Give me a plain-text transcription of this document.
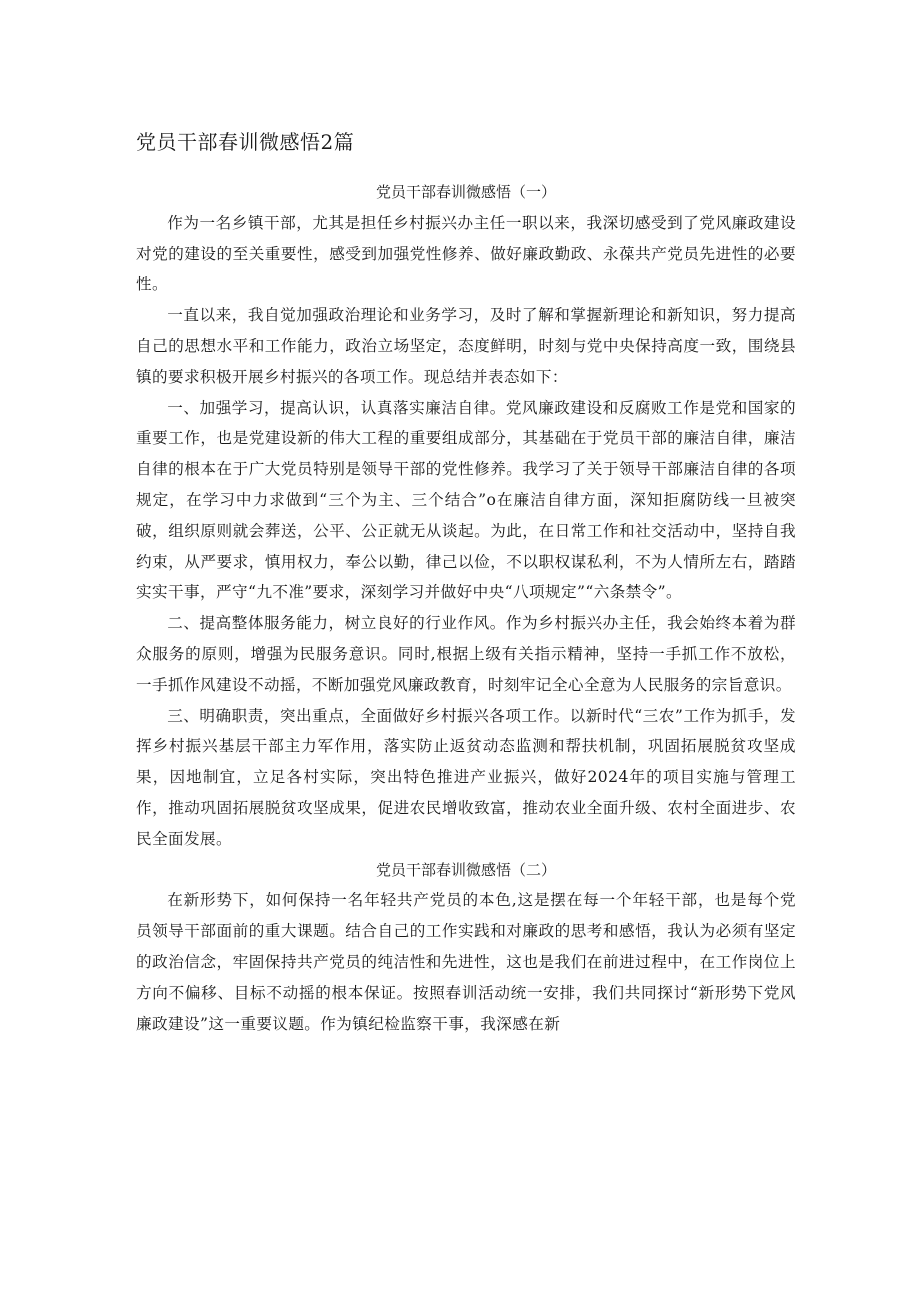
党员干部春训微感悟2篇

党员干部春训微感悟（一）

作为一名乡镇干部，尤其是担任乡村振兴办主任一职以来，我深切感受到了党风廉政建设对党的建设的至关重要性，感受到加强党性修养、做好廉政勤政、永葆共产党员先进性的必要性。

一直以来，我自觉加强政治理论和业务学习，及时了解和掌握新理论和新知识，努力提高自己的思想水平和工作能力，政治立场坚定，态度鲜明，时刻与党中央保持高度一致，围绕县镇的要求积极开展乡村振兴的各项工作。现总结并表态如下：

一、加强学习，提高认识，认真落实廉洁自律。党风廉政建设和反腐败工作是党和国家的重要工作，也是党建设新的伟大工程的重要组成部分，其基础在于党员干部的廉洁自律，廉洁自律的根本在于广大党员特别是领导干部的党性修养。我学习了关于领导干部廉洁自律的各项规定，在学习中力求做到“三个为主、三个结合”o在廉洁自律方面，深知拒腐防线一旦被突破，组织原则就会葬送，公平、公正就无从谈起。为此，在日常工作和社交活动中，坚持自我约束，从严要求，慎用权力，奉公以勤，律己以俭，不以职权谋私利，不为人情所左右，踏踏实实干事，严守“九不准”要求，深刻学习并做好中央“八项规定”“六条禁令”。

二、提高整体服务能力，树立良好的行业作风。作为乡村振兴办主任，我会始终本着为群众服务的原则，增强为民服务意识。同时,根据上级有关指示精神，坚持一手抓工作不放松，一手抓作风建设不动摇，不断加强党风廉政教育，时刻牢记全心全意为人民服务的宗旨意识。

三、明确职责，突出重点，全面做好乡村振兴各项工作。以新时代“三农”工作为抓手，发挥乡村振兴基层干部主力军作用，落实防止返贫动态监测和帮扶机制，巩固拓展脱贫攻坚成果，因地制宜，立足各村实际，突出特色推进产业振兴，做好2024年的项目实施与管理工作，推动巩固拓展脱贫攻坚成果，促进农民增收致富，推动农业全面升级、农村全面进步、农民全面发展。

党员干部春训微感悟（二）

在新形势下，如何保持一名年轻共产党员的本色,这是摆在每一个年轻干部，也是每个党员领导干部面前的重大课题。结合自己的工作实践和对廉政的思考和感悟，我认为必须有坚定的政治信念，牢固保持共产党员的纯洁性和先进性，这也是我们在前进过程中，在工作岗位上方向不偏移、目标不动摇的根本保证。按照春训活动统一安排，我们共同探讨“新形势下党风廉政建设”这一重要议题。作为镇纪检监察干事，我深感在新
